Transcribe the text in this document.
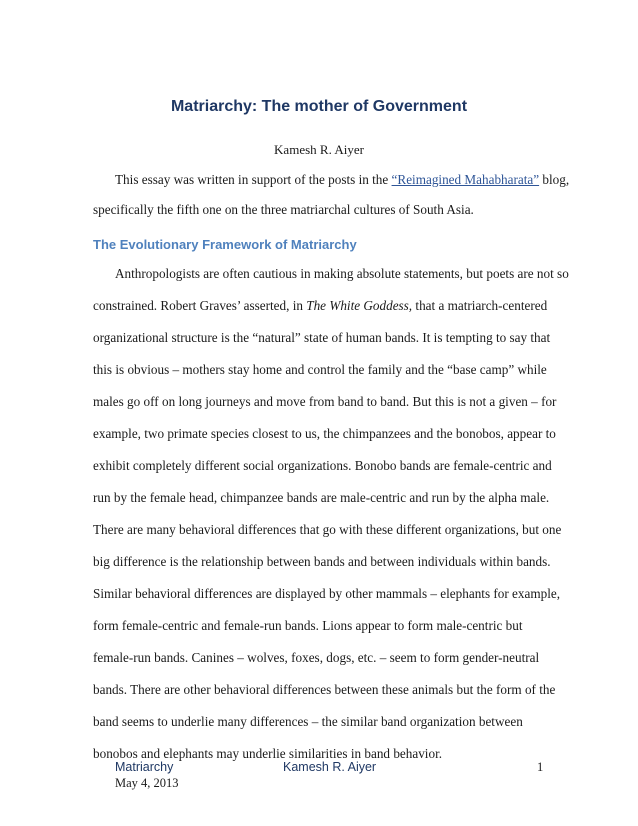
Matriarchy: The mother of Government
Kamesh R. Aiyer
This essay was written in support of the posts in the “Reimagined Mahabharata” blog,
specifically the fifth one on the three matriarchal cultures of South Asia.
The Evolutionary Framework of Matriarchy
Anthropologists are often cautious in making absolute statements, but poets are not so
constrained. Robert Graves’ asserted, in The White Goddess, that a matriarch-centered
organizational structure is the “natural” state of human bands. It is tempting to say that
this is obvious – mothers stay home and control the family and the “base camp” while
males go off on long journeys and move from band to band. But this is not a given – for
example, two primate species closest to us, the chimpanzees and the bonobos, appear to
exhibit completely different social organizations. Bonobo bands are female-centric and
run by the female head, chimpanzee bands are male-centric and run by the alpha male.
There are many behavioral differences that go with these different organizations, but one
big difference is the relationship between bands and between individuals within bands.
Similar behavioral differences are displayed by other mammals – elephants for example,
form female-centric and female-run bands. Lions appear to form male-centric but
female-run bands. Canines – wolves, foxes, dogs, etc. – seem to form gender-neutral
bands. There are other behavioral differences between these animals but the form of the
band seems to underlie many differences – the similar band organization between
bonobos and elephants may underlie similarities in band behavior.
Matriarchy	Kamesh R. Aiyer	1
May 4, 2013
